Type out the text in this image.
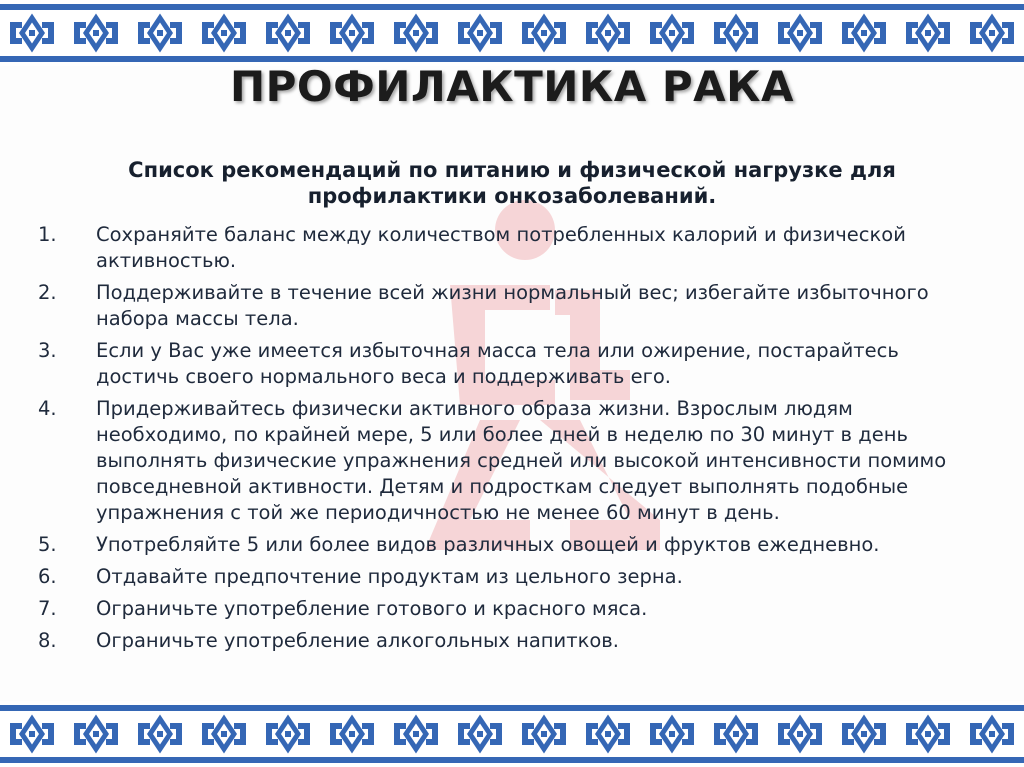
ПРОФИЛАКТИКА РАКА

Список рекомендаций по питанию и физической нагрузке для профилактики онкозаболеваний.

1.	Сохраняйте баланс между количеством потребленных калорий и физической активностью.
2.	Поддерживайте в течение всей жизни нормальный вес; избегайте избыточного набора массы тела.
3.	Если у Вас уже имеется избыточная масса тела или ожирение, постарайтесь достичь своего нормального веса и поддерживать его.
4.	Придерживайтесь физически активного образа жизни. Взрослым людям необходимо, по крайней мере, 5 или более дней в неделю по 30 минут в день выполнять физические упражнения средней или высокой интенсивности помимо повседневной активности. Детям и подросткам следует выполнять подобные упражнения с той же периодичностью не менее 60 минут в день.
5.	Употребляйте 5 или более видов различных овощей и фруктов ежедневно.
6.	Отдавайте предпочтение продуктам из цельного зерна.
7.	Ограничьте употребление готового и красного мяса.
8.	Ограничьте употребление алкогольных напитков.
